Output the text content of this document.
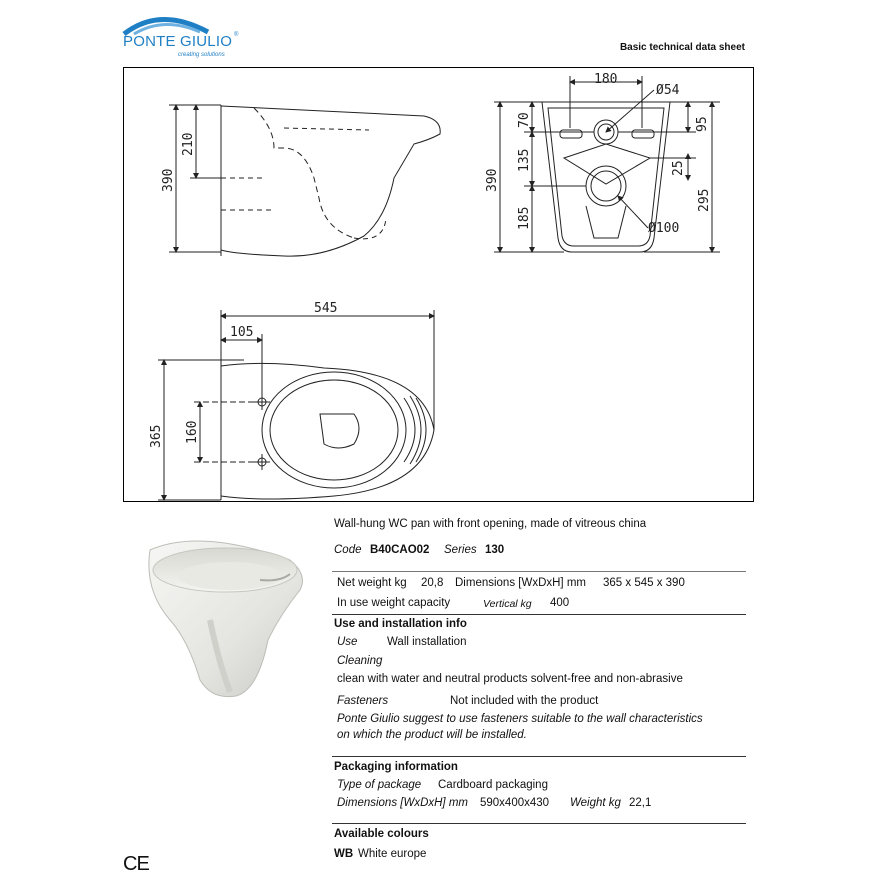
PONTE GIULIO ®
creating solutions
Basic technical data sheet
390
210
180
Ø54
70
135
185
390
95
25
295
Ø100
545
105
365 160
Wall-hung WC pan with front opening, made of vitreous china
Code B40CAO02 Series 130
Net weight kg 20,8 Dimensions [WxDxH] mm 365 x 545 x 390
In use weight capacity	Vertical kg 400
Use and installation info
Use	Wall installation
Cleaning
clean with water and neutral products solvent-free and non-abrasive
Fasteners	Not included with the product
Ponte Giulio suggest to use fasteners suitable to the wall characteristics
on which the product will be installed.
Packaging information
Type of package Cardboard packaging
Dimensions [WxDxH] mm 590x400x430 Weight kg 22,1
Available colours
WB White europe
CE
